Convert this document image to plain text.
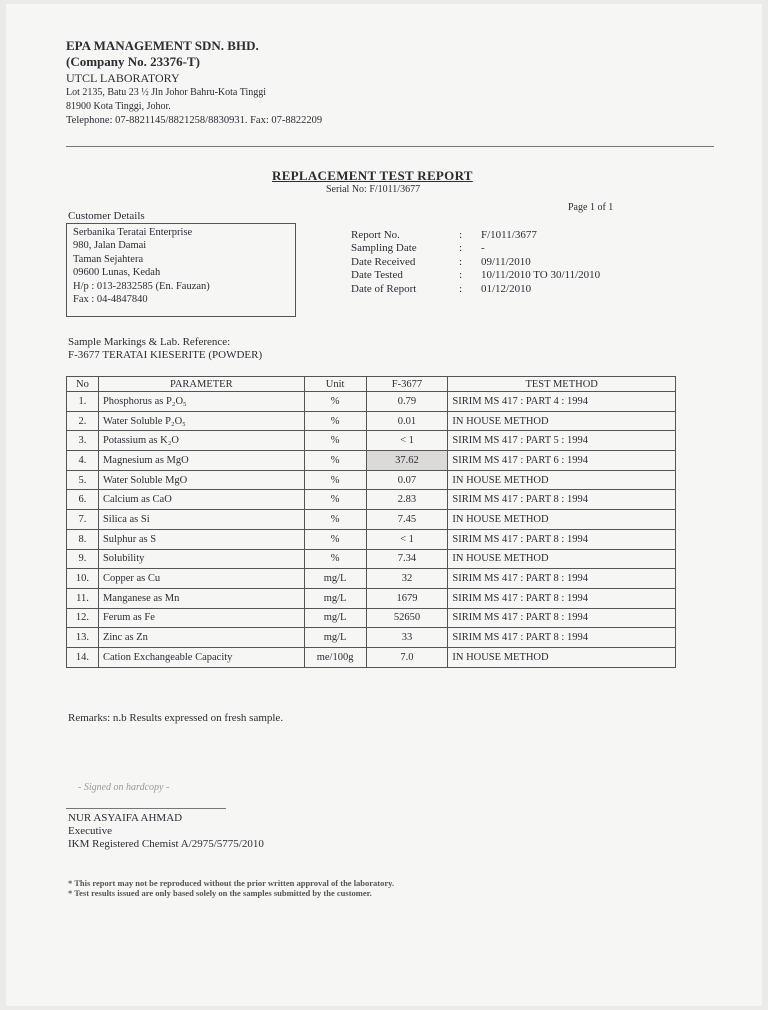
EPA MANAGEMENT SDN. BHD.
(Company No. 23376-T)
UTCL LABORATORY
Lot 2135, Batu 23 ½ Jln Johor Bahru-Kota Tinggi
81900 Kota Tinggi, Johor.
Telephone: 07-8821145/8821258/8830931. Fax: 07-8822209
REPLACEMENT TEST REPORT
Serial No: F/1011/3677
Page 1 of 1
Customer Details
Serbanika Teratai Enterprise
980, Jalan Damai
Taman Sejahtera
09600 Lunas, Kedah
H/p : 013-2832585 (En. Fauzan)
Fax : 04-4847840
Report No.	:	F/1011/3677
Sampling Date	:	-
Date Received	:	09/11/2010
Date Tested	:	10/11/2010 TO 30/11/2010
Date of Report	:	01/12/2010
Sample Markings & Lab. Reference:
F-3677 TERATAI KIESERITE (POWDER)
No	PARAMETER	Unit	F-3677	TEST METHOD
1.	Phosphorus as P₂O₅	%	0.79	SIRIM MS 417 : PART 4 : 1994
2.	Water Soluble P₂O₅	%	0.01	IN HOUSE METHOD
3.	Potassium as K₂O	%	< 1	SIRIM MS 417 : PART 5 : 1994
4.	Magnesium as MgO	%	37.62	SIRIM MS 417 : PART 6 : 1994
5.	Water Soluble MgO	%	0.07	IN HOUSE METHOD
6.	Calcium as CaO	%	2.83	SIRIM MS 417 : PART 8 : 1994
7.	Silica as Si	%	7.45	IN HOUSE METHOD
8.	Sulphur as S	%	< 1	SIRIM MS 417 : PART 8 : 1994
9.	Solubility	%	7.34	IN HOUSE METHOD
10.	Copper as Cu	mg/L	32	SIRIM MS 417 : PART 8 : 1994
11.	Manganese as Mn	mg/L	1679	SIRIM MS 417 : PART 8 : 1994
12.	Ferum as Fe	mg/L	52650	SIRIM MS 417 : PART 8 : 1994
13.	Zinc as Zn	mg/L	33	SIRIM MS 417 : PART 8 : 1994
14.	Cation Exchangeable Capacity	me/100g	7.0	IN HOUSE METHOD
Remarks: n.b Results expressed on fresh sample.
- Signed on hardcopy -
NUR ASYAIFA AHMAD
Executive
IKM Registered Chemist A/2975/5775/2010
* This report may not be reproduced without the prior written approval of the laboratory.
* Test results issued are only based solely on the samples submitted by the customer.
